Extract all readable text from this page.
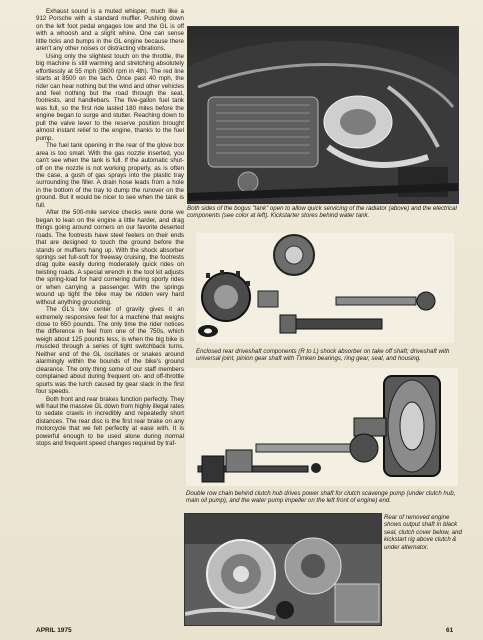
Exhaust sound is a muted whisper, much like a 912 Porsche with a standard muffler. Pushing down on the left foot pedal engages low and the GL is off with a whoosh and a slight whine. One can sense little ticks and bumps in the GL engine because there aren't any other noises or distracting vibrations.

Using only the slightest touch on the throttle, the big machine is still warming and stretching absolutely effortlessly at 55 mph (3600 rpm in 4th). The red line starts at 8500 on the tach. Once past 40 mph, the rider can hear nothing but the wind and other vehicles and feel nothing but the road through the seat, footrests, and handlebars. The five-gallon fuel tank was full, so the first ride lasted 180 miles before the engine began to surge and stutter. Reaching down to pull the valve lever to the reserve position brought almost instant relief to the engine, thanks to the fuel pump.

The fuel tank opening in the rear of the glove box area is too small. With the gas nozzle inserted, you can't see when the tank is full. If the automatic shut-off on the nozzle is not working properly, as is often the case, a gush of gas sprays into the plastic tray surrounding the filler. A drain hose leads from a hole in the bottom of the tray to dump the runover on the ground. But it would be nicer to see when the tank is full.

After the 500-mile service checks were done we began to lean on the engine a little harder, and drag things going around corners on our favorite deserted roads. The footrests have steel feelers on their ends that are designed to touch the ground before the stands or mufflers hang up. With the shock absorber springs set full-soft for freeway cruising, the footrests drag quite easily during moderately quick rides on twisting roads. A special wrench in the tool kit adjusts the spring-load for hard cornering during sporty rides or when carrying a passenger. With the springs wound up tight the bike may be ridden very hard without anything grounding.

The GL's low center of gravity gives it an extremely responsive feel for a machine that weighs close to 650 pounds. The only time the rider notices the difference in feel from one of the 750s, which weigh about 125 pounds less, is when the big bike is muscled through a series of tight switchback turns. Neither end of the GL oscillates or snakes around alarmingly within the bounds of the bike's ground clearance. The only thing some of our staff members complained about during frequent on- and off-throttle spurts was the lurch caused by gear slack in the first four speeds.

Both front and rear brakes function perfectly. They will haul the massive GL down from highly illegal rates to sedate crawls in incredibly and repeatedly short distances. The rear disc is the first rear brake on any motorcycle that we felt perfectly at ease with. It is powerful enough to be used alone during normal stops and frequent speed changes required by traf-

Both sides of the bogus "tank" open to allow quick servicing of the radiator (above) and the electrical components (see color at left). Kickstarter stores behind water tank.
Enclosed rear driveshaft components (R to L) shock absorber on take off shaft; driveshaft with universal joint, pinion gear shaft with Timken bearings, ring gear, seal, and housing.
Double row chain behind clutch hub drives power shaft for clutch scavenge pump (under clutch hub, main oil pump), and the water pump impeller on the left front of engine) end.
Rear of removed engine shows output shaft in black seal, clutch cover below, and kickstart rig above clutch & under alternator.
APRIL 1975	61
